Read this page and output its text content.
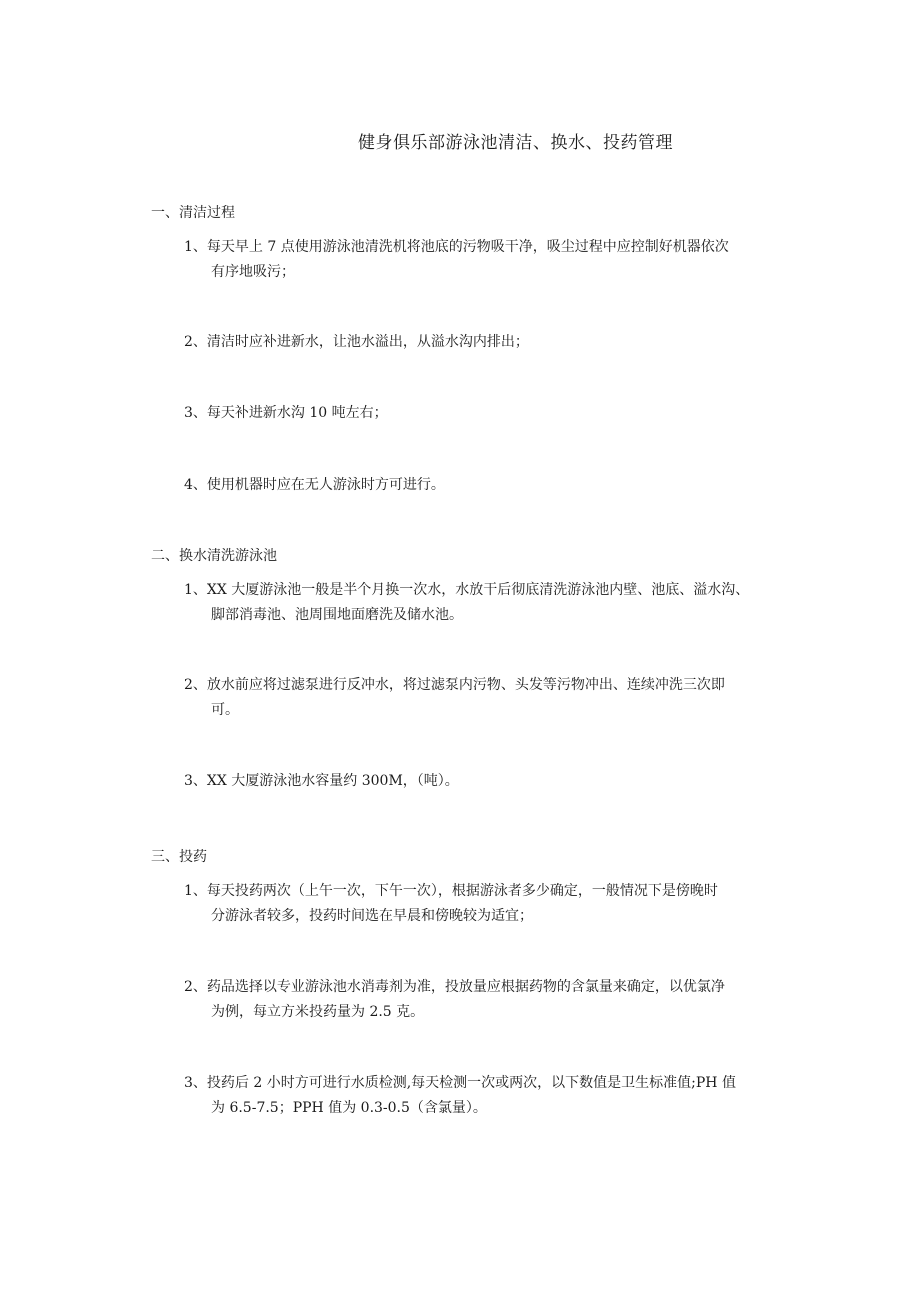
健身俱乐部游泳池清洁、换水、投药管理
一、清洁过程
1、每天早上 7 点使用游泳池清洗机将池底的污物吸干净，吸尘过程中应控制好机器依次
有序地吸污；
2、清洁时应补进新水，让池水溢出，从溢水沟内排出；
3、每天补进新水沟 10 吨左右；
4、使用机器时应在无人游泳时方可进行。
二、换水清洗游泳池
1、XX 大厦游泳池一般是半个月换一次水，水放干后彻底清洗游泳池内壁、池底、溢水沟、
脚部消毒池、池周围地面磨洗及储水池。
2、放水前应将过滤泵进行反冲水，将过滤泵内污物、头发等污物冲出、连续冲洗三次即
可。
3、XX 大厦游泳池水容量约 300M，（吨）。
三、投药
1、每天投药两次（上午一次，下午一次），根据游泳者多少确定，一般情况下是傍晚时
分游泳者较多，投药时间选在早晨和傍晚较为适宜；
2、药品选择以专业游泳池水消毒剂为准，投放量应根据药物的含氯量来确定，以优氯净
为例，每立方米投药量为 2.5 克。
3、投药后 2 小时方可进行水质检测,每天检测一次或两次，以下数值是卫生标准值;PH 值
为 6.5-7.5；PPH 值为 0.3-0.5（含氯量）。
